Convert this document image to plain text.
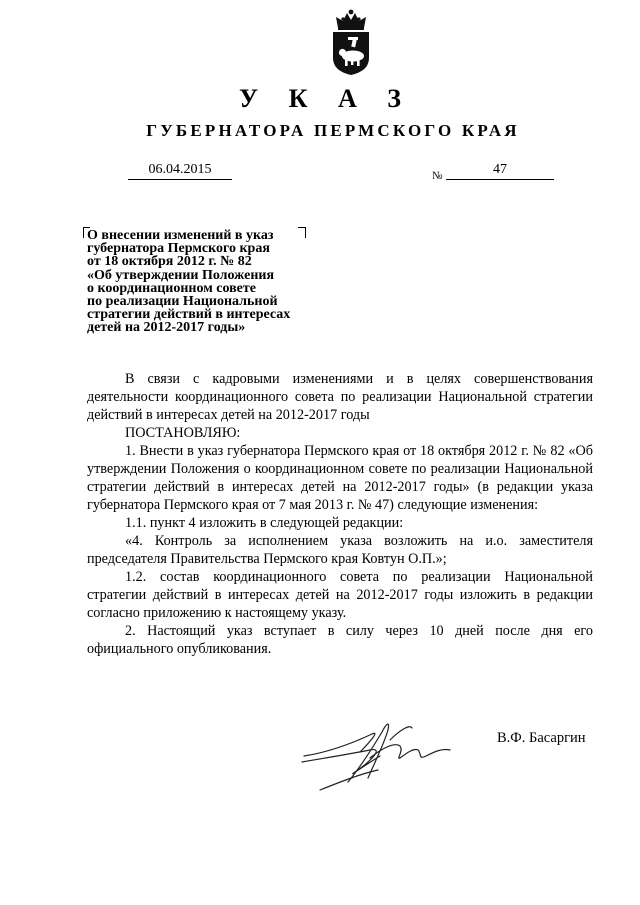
У К А З
ГУБЕРНАТОРА ПЕРМСКОГО КРАЯ
06.04.2015	№	47
О внесении изменений в указ
губернатора Пермского края
от 18 октября 2012 г. № 82
«Об утверждении Положения
о координационном совете
по реализации Национальной
стратегии действий в интересах
детей на 2012-2017 годы»

В связи с кадровыми изменениями и в целях совершенствования деятельности координационного совета по реализации Национальной стратегии действий в интересах детей на 2012-2017 годы

ПОСТАНОВЛЯЮ:

1. Внести в указ губернатора Пермского края от 18 октября 2012 г. № 82 «Об утверждении Положения о координационном совете по реализации Национальной стратегии действий в интересах детей на 2012-2017 годы» (в редакции указа губернатора Пермского края от 7 мая 2013 г. № 47) следующие изменения:

1.1. пункт 4 изложить в следующей редакции:

«4. Контроль за исполнением указа возложить на и.о. заместителя председателя Правительства Пермского края Ковтун О.П.»;

1.2. состав координационного совета по реализации Национальной стратегии действий в интересах детей на 2012-2017 годы изложить в редакции согласно приложению к настоящему указу.

2. Настоящий указ вступает в силу через 10 дней после дня его официального опубликования.

В.Ф. Басаргин
